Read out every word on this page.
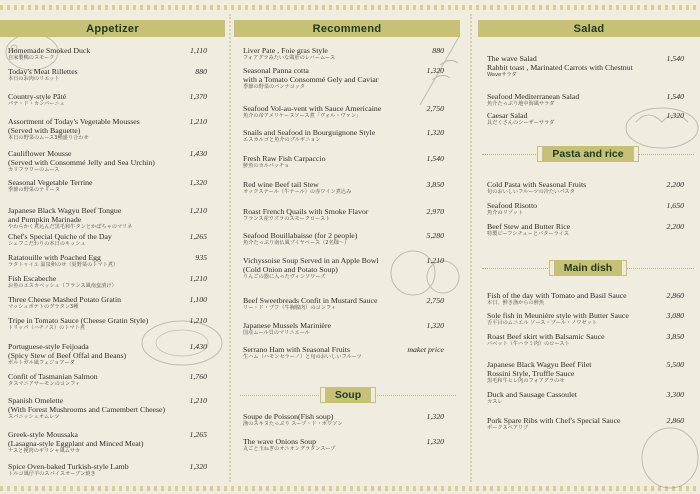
Appetizer
Homemade Smoked Duck
自家製鴨のスモーク
1,110
Today's Meat Rillettes
本日のお肉のリエット
880
Country-style Pâté
パテ・ド・カンパーニュ
1,370
Assortment of Today's Vegetable Mousses
(Served with Baguette)
本日の野菜のムース3種盛り合わせ
1,210
Cauliflower Mousse
(Served with Consommé Jelly and Sea Urchin)
カリフラワーのムース
1,430
Seasonal Vegetable Terrine
季節の野菜のテリーヌ
1,320
Japanese Black Wagyu Beef Tongue
and Pumpkin Marinade
やわらかく煮込んだ黒毛和牛タンとかぼちゃのマリネ
1,210
Chef's Special Quiche of the Day
シェフこだわりの本日のキッシュ
1,265
Ratatouille with Poached Egg
ラタトゥイユ 温泉卵のせ（夏野菜のトマト煮）
935
Fish Escabeche
お魚のエスカベッシュ（フランス風南蛮漬け）
1,210
Three Cheese Mashed Potato Gratin
マッシュポテトのグラタン3種
1,100
Tripe in Tomato Sauce (Cheese Gratin Style)
トリッパ（ハチノス）のトマト煮
1,210
Portuguese-style Feijoada
(Spicy Stew of Beef Offal and Beans)
ポルトガル風フェジョアーダ
1,430
Confit of Tasmanian Salmon
タスマニアサーモンのコンフィ
1,760
Spanish Omelette
(With Forest Mushrooms and Camembert Cheese)
スパニッシュオムレツ
1,210
Greek-style Moussaka
(Lasagna-style Eggplant and Minced Meat)
ナスと挽肉のギリシャ風ムサカ
1,265
Spice Oven-baked Turkish-style Lamb
トルコ風仔羊のスパイスオーブン焼き
1,320
Recommend
Liver Pate , Foie gras Style
フォアグラみたいな鶏肝のレバームース
880
Seasonal Panna cotta
with a Tomato Consommé Gely and Caviar
季節の野菜のパンナコッタ
1,320
Seafood Vol-au-vent with Sauce Americaine
魚介の帝アメリケーヌソース煮「ヴォル・ヴァン」
2,750
Snails and Seafood in Bourguignone Style
エスカルゴと魚介のブルギニョン
1,320
Fresh Raw Fish Carpaccio
鮮魚のカルパッチョ
1,540
Red wine Beef tail Stew
オックステール（牛テール）の赤ワイン煮込み
3,850
Roast French Quails with Smoke Flavor
フランス産ウズラのスモークロースト
2,970
Seafood Bouillabaisse (for 2 people)
魚介たっぷり南仏風ブイヤベース（2名様～）
5,280
Vichyssoise Soup Served in an Apple Bowl
(Cold Onion and Potato Soup)
りんごの器に入ったヴィシソワーズ
1,210
Beef Sweetbreads Confit in Mustard Sauce
リー・ド・ブフ（牛胸腺肉）のコンフィ
2,750
Japanese Mussels Marinière
国産ムール貝のマリニエール
1,320
Serrano Ham with Seasonal Fruits
生ハム（ハモンセラーノ）と旬のおいしいフルーツ
maket price
Soup
Soupe de Poisson(Fish soup)
漁のスキヌたっぷり スープ・ド・ポワソン
1,320
The wave Onions Soup
丸ごと玉ねぎのオニオングラタンスープ
1,320
Salad
The wave Salad
Rabbit toast , Marinated Carrots with Chestnut
Waveサラダ
1,540
Seafood Mediterranean Salad
魚介たっぷり地中海風サラダ
1,540
Caesar Salad
具だくさんのシーザーサラダ
1,320
Pasta and rice
Cold Pasta with Seasonal Fruits
旬のおいしいフルーツの冷たいパスタ
2,200
Seafood Risotto
魚介のリゾット
1,650
Beef Stew and Butter Rice
特製ビーフシチューとバターライス
2,200
Main dish
Fish of the day with Tomato and Basil Sauce
本日、鮮き漁からの鮮魚
2,860
Sole fish in Meunière style with Butter Sauce
舌平目のムニエル ソース・ブール・ノワゼット
3,080
Roast Beef skirt with Balsamic Sauce
バベット（牛ハラミ肉）のロースト
3,850
Japanese Black Wagyu Beef Filet
Rossini Style, Truffle Sauce
黒毛和牛ヒレ肉のフォアグラのせ
5,500
Duck and Sausage Cassoulet
カスレ
3,300
Pork Spare Ribs with Chef's Special Sauce
ポークスペアリブ
2,860
